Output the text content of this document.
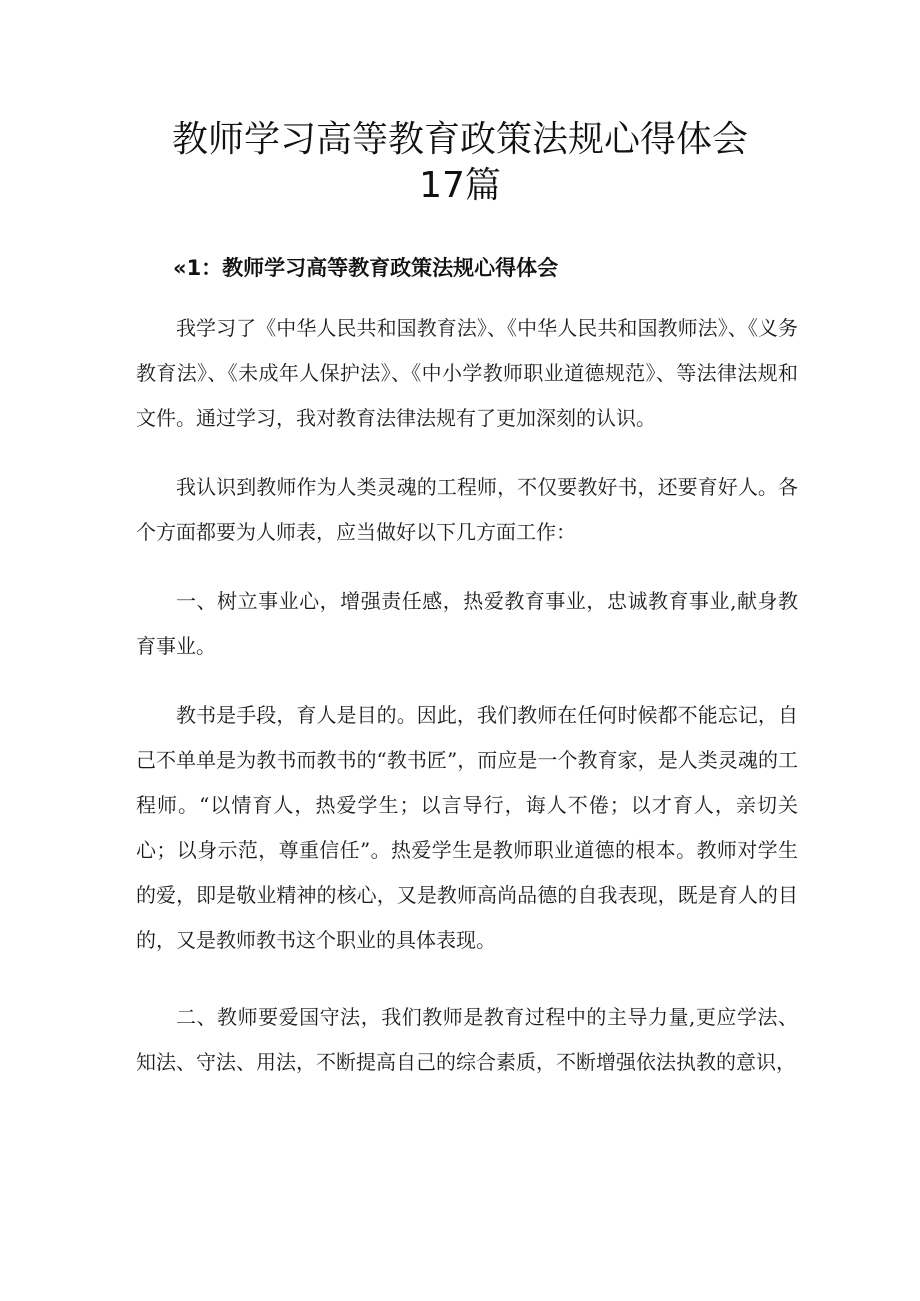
教师学习高等教育政策法规心得体会
17篇
«1：教师学习高等教育政策法规心得体会

我学习了《中华人民共和国教育法》、《中华人民共和国教师法》、《义务教育法》、《未成年人保护法》、《中小学教师职业道德规范》、等法律法规和文件。通过学习，我对教育法律法规有了更加深刻的认识。

我认识到教师作为人类灵魂的工程师，不仅要教好书，还要育好人。各个方面都要为人师表，应当做好以下几方面工作：

一、树立事业心，增强责任感，热爱教育事业，忠诚教育事业,献身教育事业。

教书是手段，育人是目的。因此，我们教师在任何时候都不能忘记，自己不单单是为教书而教书的“教书匠”，而应是一个教育家，是人类灵魂的工程师。“以情育人，热爱学生；以言导行，诲人不倦；以才育人，亲切关心；以身示范，尊重信任”。热爱学生是教师职业道德的根本。教师对学生的爱，即是敬业精神的核心，又是教师高尚品德的自我表现，既是育人的目的，又是教师教书这个职业的具体表现。

二、教师要爱国守法，我们教师是教育过程中的主导力量,更应学法、知法、守法、用法，不断提高自己的综合素质，不断增强依法执教的意识，
